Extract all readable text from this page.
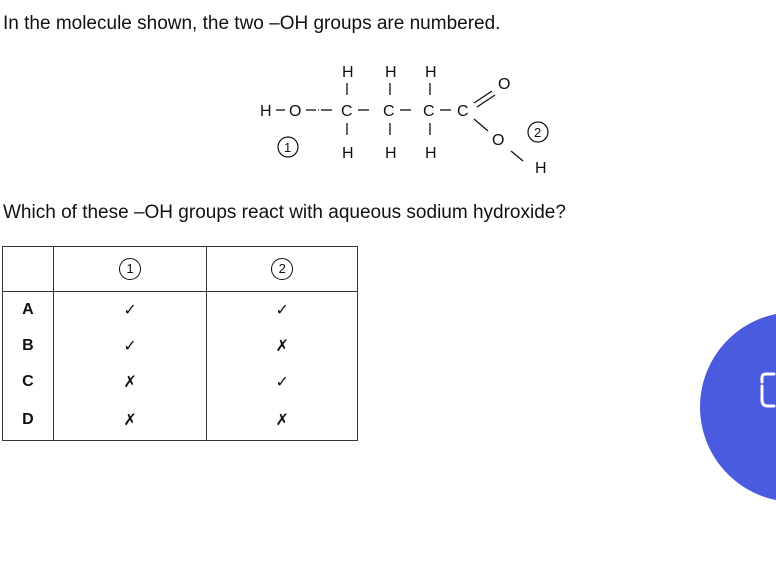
In the molecule shown, the two –OH groups are numbered.
H H H
H O C C C C
O
O
H
H H H
1
2
Which of these –OH groups react with aqueous sodium hydroxide?
	1	2
A	✓	✓
B	✓	✗
C	✗	✓
D	✗	✗
